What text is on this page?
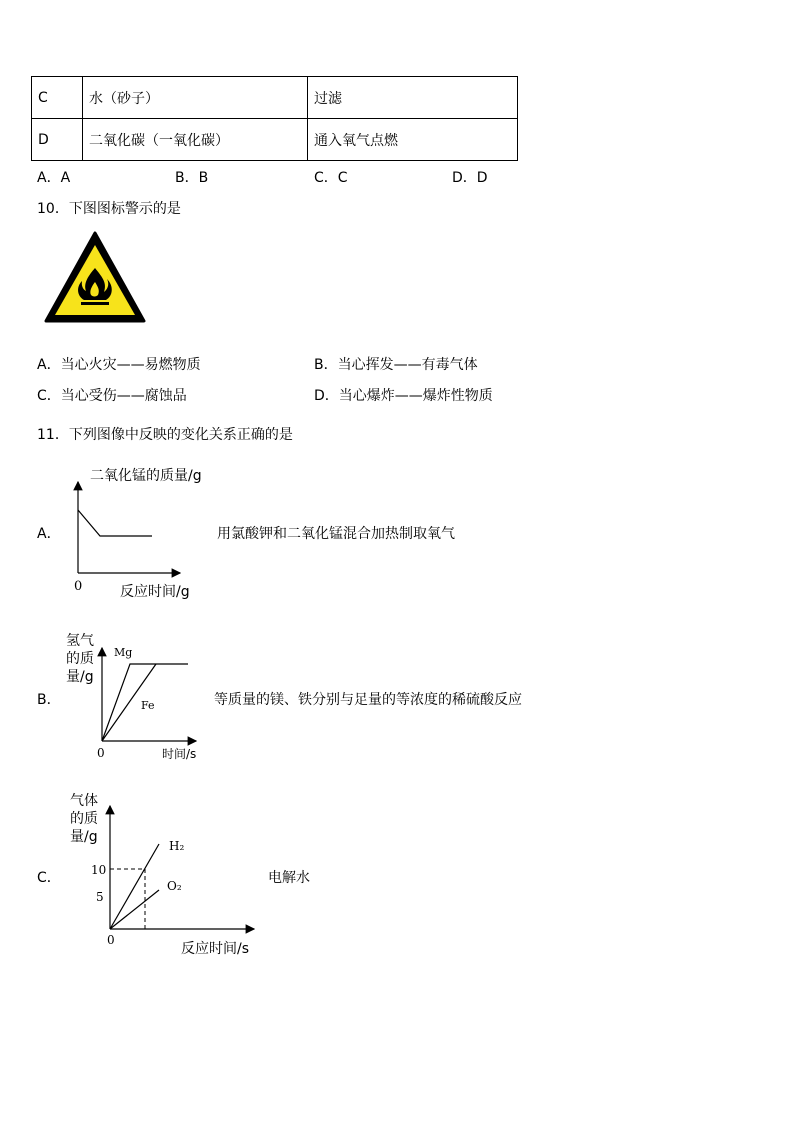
C	水（砂子）	过滤
D	二氧化碳（一氧化碳）	通入氧气点燃
A．A	B．B	C．C	D．D
10．下图图标警示的是
A．当心火灾——易燃物质	B．当心挥发——有毒气体
C．当心受伤——腐蚀品	D．当心爆炸——爆炸性物质
11．下列图像中反映的变化关系正确的是
A．
二氧化锰的质量/g
0	反应时间/g
用氯酸钾和二氧化锰混合加热制取氧气
B．
氢气
的质
量/g
Mg
Fe
0	时间/s
等质量的镁、铁分别与足量的等浓度的稀硫酸反应
C．
气体
的质
量/g
10
5
H₂
O₂
0
反应时间/s
电解水
